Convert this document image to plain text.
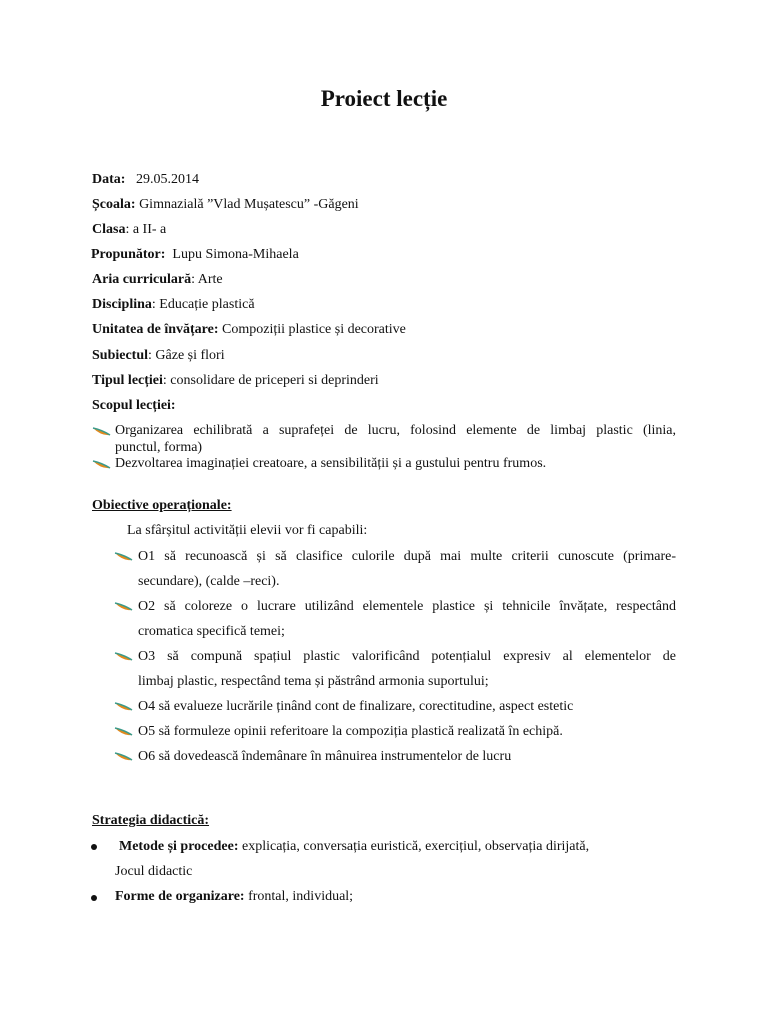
Proiect lecție
Data: 29.05.2014
Școala: Gimnazială ”Vlad Mușatescu” -Găgeni
Clasa: a II- a
Propunător: Lupu Simona-Mihaela
Aria curriculară: Arte
Disciplina: Educație plastică
Unitatea de învățare: Compoziții plastice și decorative
Subiectul: Gâze și flori
Tipul lecției: consolidare de priceperi si deprinderi
Scopul lecției:
Organizarea echilibrată a suprafeței de lucru, folosind elemente de limbaj plastic (linia,
punctul, forma)
Dezvoltarea imaginației creatoare, a sensibilității și a gustului pentru frumos.
Obiective operaționale:
La sfârșitul activității elevii vor fi capabili:
O1 să recunoască și să clasifice culorile după mai multe criterii cunoscute (primare-
secundare), (calde –reci).
O2 să coloreze o lucrare utilizând elementele plastice și tehnicile învățate, respectând
cromatica specifică temei;
O3 să compună spațiul plastic valorificând potențialul expresiv al elementelor de
limbaj plastic, respectând tema și păstrând armonia suportului;
O4 să evalueze lucrările ținând cont de finalizare, corectitudine, aspect estetic
O5 să formuleze opinii referitoare la compoziția plastică realizată în echipă.
O6 să dovedească îndemânare în mânuirea instrumentelor de lucru
Strategia didactică:
Metode și procedee: explicația, conversația euristică, exercițiul, observația dirijată,
Jocul didactic
Forme de organizare: frontal, individual;
